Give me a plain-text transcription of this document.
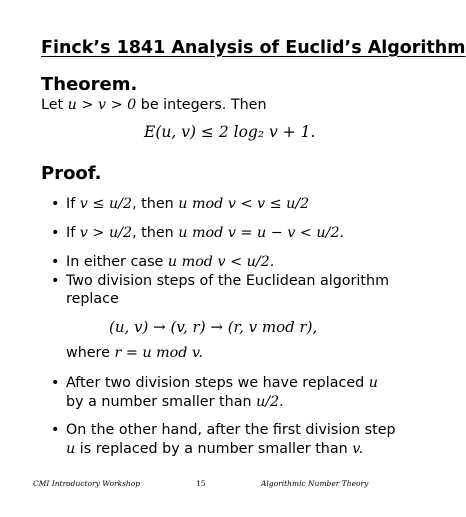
Finck’s 1841 Analysis of Euclid’s Algorithm
Theorem.
Let u > v > 0 be integers. Then
E(u, v) ≤ 2 log₂ v + 1.
Proof.
• If v ≤ u/2, then u mod v < v ≤ u/2
• If v > u/2, then u mod v = u − v < u/2.
• In either case u mod v < u/2.
• Two division steps of the Euclidean algorithm
replace
(u, v) → (v, r) → (r, v mod r),
where r = u mod v.
• After two division steps we have replaced u
by a number smaller than u/2.
• On the other hand, after the first division step
u is replaced by a number smaller than v.
CMI Introductory Workshop	15	Algorithmic Number Theory
